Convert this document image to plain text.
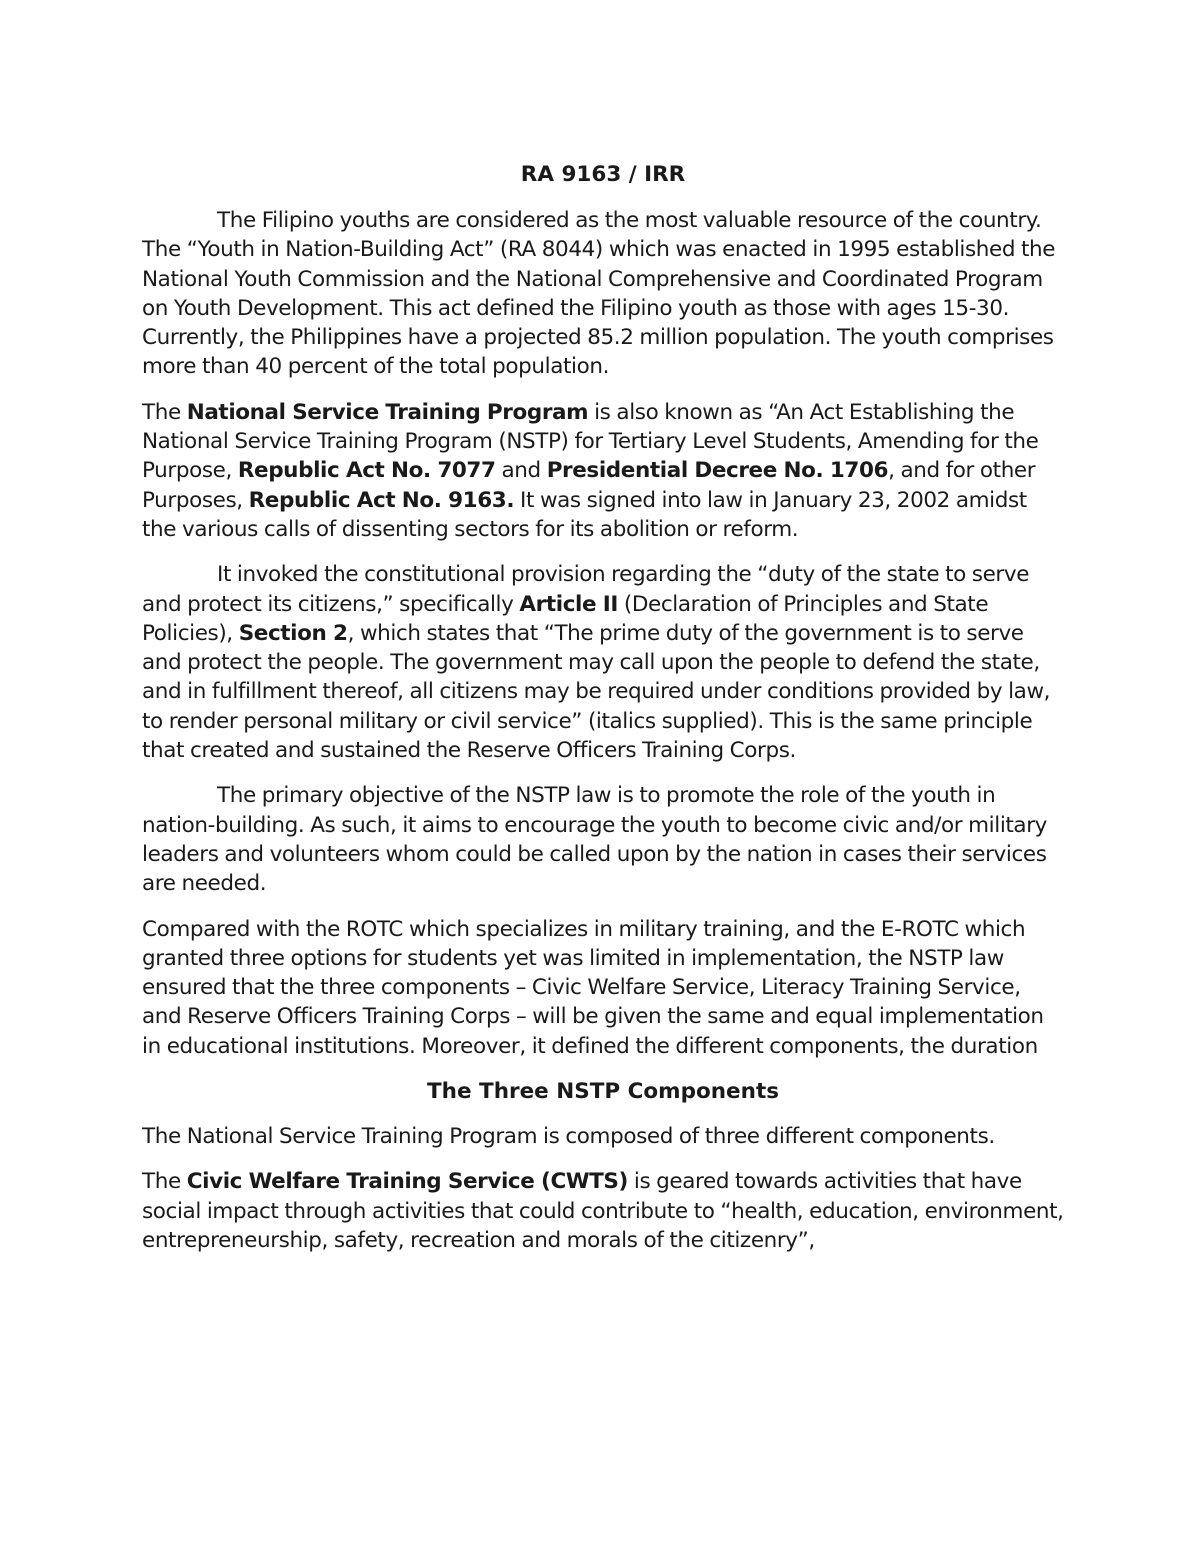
RA 9163 / IRR

The Filipino youths are considered as the most valuable resource of the country. The “Youth in Nation-Building Act” (RA 8044) which was enacted in 1995 established the National Youth Commission and the National Comprehensive and Coordinated Program on Youth Development. This act defined the Filipino youth as those with ages 15-30. Currently, the Philippines have a projected 85.2 million population. The youth comprises more than 40 percent of the total population.

The National Service Training Program is also known as “An Act Establishing the National Service Training Program (NSTP) for Tertiary Level Students, Amending for the Purpose, Republic Act No. 7077 and Presidential Decree No. 1706, and for other Purposes, Republic Act No. 9163. It was signed into law in January 23, 2002 amidst the various calls of dissenting sectors for its abolition or reform.

It invoked the constitutional provision regarding the “duty of the state to serve and protect its citizens,” specifically Article II (Declaration of Principles and State Policies), Section 2, which states that “The prime duty of the government is to serve and protect the people. The government may call upon the people to defend the state, and in fulfillment thereof, all citizens may be required under conditions provided by law, to render personal military or civil service” (italics supplied). This is the same principle that created and sustained the Reserve Officers Training Corps.

The primary objective of the NSTP law is to promote the role of the youth in nation-building. As such, it aims to encourage the youth to become civic and/or military leaders and volunteers whom could be called upon by the nation in cases their services are needed.

Compared with the ROTC which specializes in military training, and the E-ROTC which granted three options for students yet was limited in implementation, the NSTP law ensured that the three components – Civic Welfare Service, Literacy Training Service, and Reserve Officers Training Corps – will be given the same and equal implementation in educational institutions. Moreover, it defined the different components, the duration

The Three NSTP Components

The National Service Training Program is composed of three different components.

The Civic Welfare Training Service (CWTS) is geared towards activities that have social impact through activities that could contribute to “health, education, environment, entrepreneurship, safety, recreation and morals of the citizenry”,
